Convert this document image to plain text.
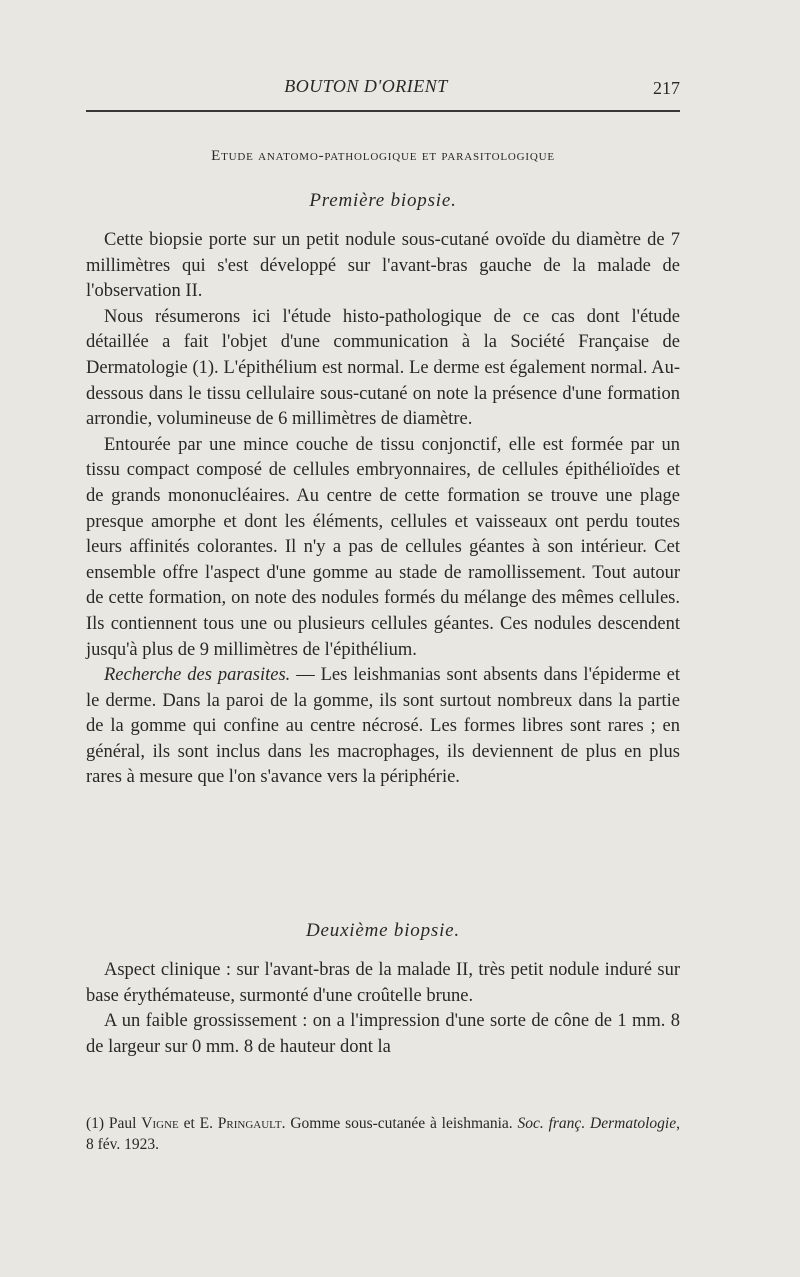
BOUTON D'ORIENT	217
Etude anatomo-pathologique et parasitologique
Première biopsie.

Cette biopsie porte sur un petit nodule sous-cutané ovoïde du diamètre de 7 millimètres qui s'est développé sur l'avant-bras gauche de la malade de l'observation II.

Nous résumerons ici l'étude histo-pathologique de ce cas dont l'étude détaillée a fait l'objet d'une communication à la Société Française de Dermatologie (1). L'épithélium est normal. Le derme est également normal. Au-dessous dans le tissu cellulaire sous-cutané on note la présence d'une formation arrondie, volumineuse de 6 millimètres de diamètre.

Entourée par une mince couche de tissu conjonctif, elle est formée par un tissu compact composé de cellules embryonnaires, de cellules épithélioïdes et de grands mononucléaires. Au centre de cette formation se trouve une plage presque amorphe et dont les éléments, cellules et vaisseaux ont perdu toutes leurs affinités colorantes. Il n'y a pas de cellules géantes à son intérieur. Cet ensemble offre l'aspect d'une gomme au stade de ramollissement. Tout autour de cette formation, on note des nodules formés du mélange des mêmes cellules. Ils contiennent tous une ou plusieurs cellules géantes. Ces nodules descendent jusqu'à plus de 9 millimètres de l'épithélium.

Recherche des parasites. — Les leishmanias sont absents dans l'épiderme et le derme. Dans la paroi de la gomme, ils sont surtout nombreux dans la partie de la gomme qui confine au centre nécrosé. Les formes libres sont rares ; en général, ils sont inclus dans les macrophages, ils deviennent de plus en plus rares à mesure que l'on s'avance vers la périphérie.

Deuxième biopsie.

Aspect clinique : sur l'avant-bras de la malade II, très petit nodule induré sur base érythémateuse, surmonté d'une croûtelle brune.

A un faible grossissement : on a l'impression d'une sorte de cône de 1 mm. 8 de largeur sur 0 mm. 8 de hauteur dont la

(1) Paul Vigne et E. Pringault. Gomme sous-cutanée à leishmania. Soc. franç. Dermatologie, 8 fév. 1923.
